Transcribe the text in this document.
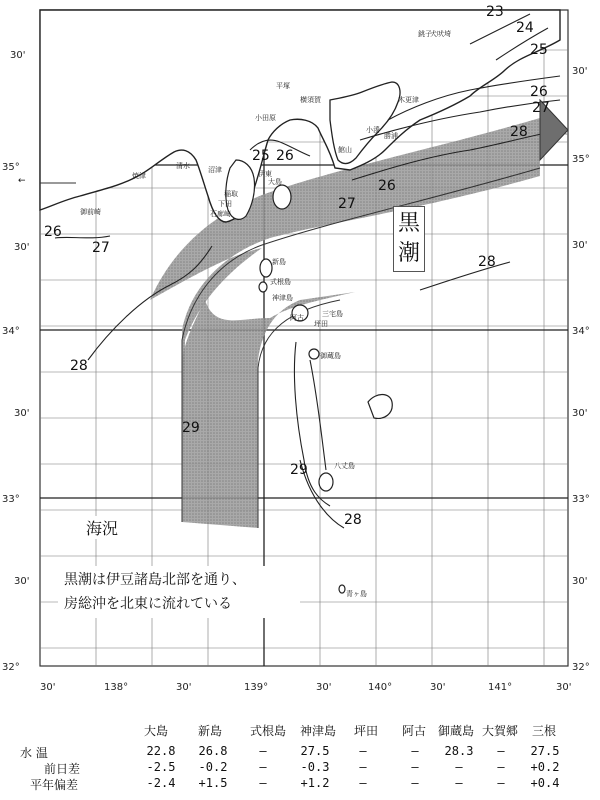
←
35°
30'
34°
30'
33°
30'
32°
35°
30'
34°
30'
33°
30'
32°
30'
30'
30'	138°	30'	139°	30'	140°	30'	141°	30'
23
24
25
26
27
28
25 26
27
26
26
27
28
28
29
29
28
大島
新島
式根島
神津島
三宅島
御蔵島
八丈島
青ヶ島
平塚
横須賀
小田原
伊東
稲取
下田
石廊崎
焼津
御前崎
清水
館山
勝浦
小湊
銚子
木更津
犬吠埼
沼津
坪田
阿古
黒潮
海況
黒潮は伊豆諸島北部を通り、
房総沖を北東に流れている
大島 新島 式根島 神津島 坪田 阿古 御蔵島 大賀郷 三根
水 温	22.8	26.8	—	27.5	—	—	28.3	—	27.5
前日差	-2.5	-0.2	—	-0.3	—	—	—	—	+0.2
平年偏差	-2.4	+1.5	—	+1.2	—	—	—	—	+0.4
